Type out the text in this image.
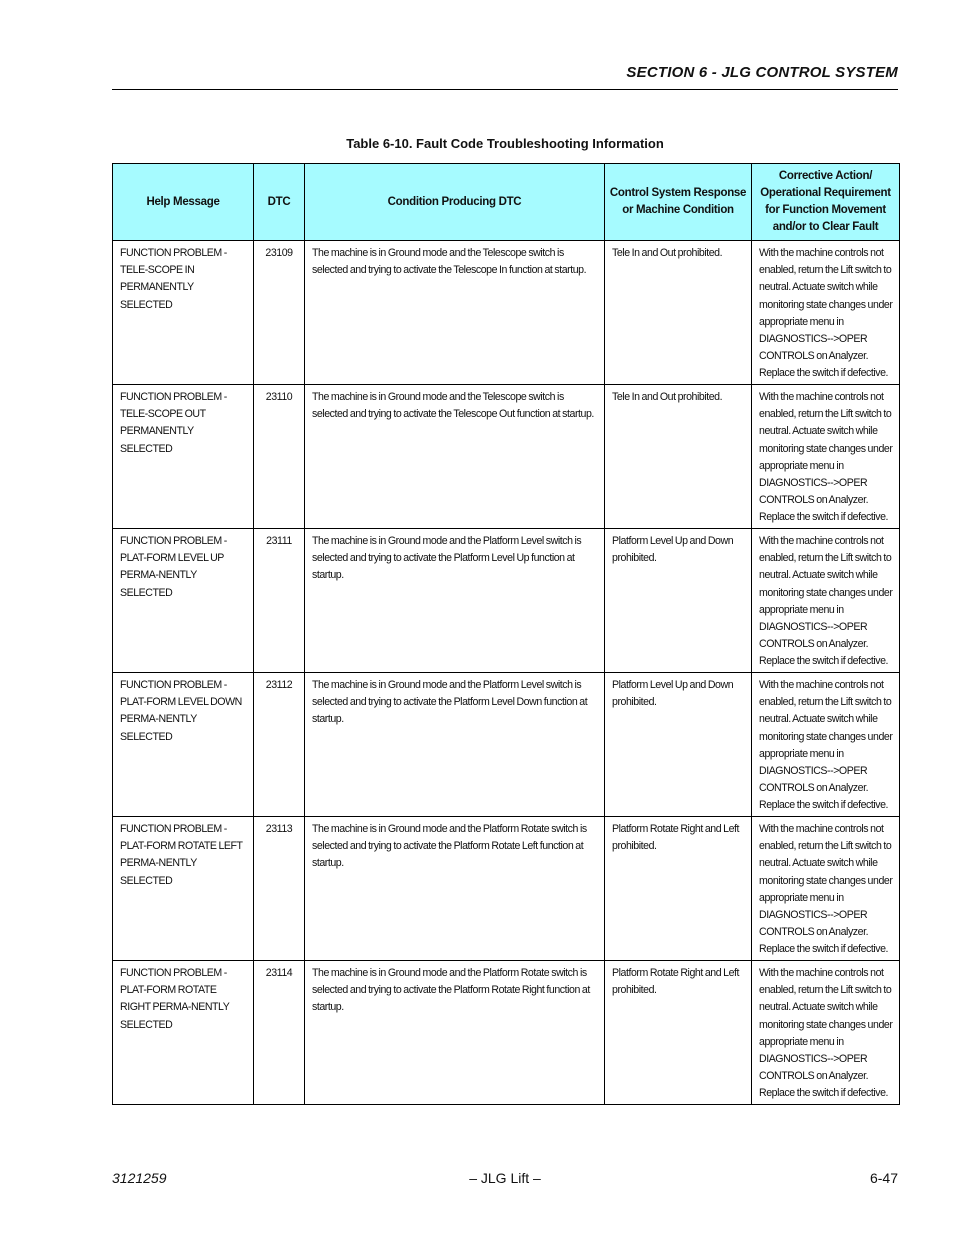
SECTION 6 - JLG CONTROL SYSTEM
Table 6-10. Fault Code Troubleshooting Information
Help Message	DTC	Condition Producing DTC	Control System Response or Machine Condition	Corrective Action/ Operational Requirement for Function Movement and/or to Clear Fault
FUNCTION PROBLEM - TELE-SCOPE IN PERMANENTLY SELECTED	23109	The machine is in Ground mode and the Telescope switch is selected and trying to activate the Telescope In function at startup.	Tele In and Out prohibited.	With the machine controls not enabled, return the Lift switch to neutral. Actuate switch while monitoring state changes under appropriate menu in DIAGNOSTICS-->OPER CONTROLS on Analyzer. Replace the switch if defective.
FUNCTION PROBLEM - TELE-SCOPE OUT PERMANENTLY SELECTED	23110	The machine is in Ground mode and the Telescope switch is selected and trying to activate the Telescope Out function at startup.	Tele In and Out prohibited.	With the machine controls not enabled, return the Lift switch to neutral. Actuate switch while monitoring state changes under appropriate menu in DIAGNOSTICS-->OPER CONTROLS on Analyzer. Replace the switch if defective.
FUNCTION PROBLEM - PLAT-FORM LEVEL UP PERMA-NENTLY SELECTED	23111	The machine is in Ground mode and the Platform Level switch is selected and trying to activate the Platform Level Up function at startup.	Platform Level Up and Down prohibited.	With the machine controls not enabled, return the Lift switch to neutral. Actuate switch while monitoring state changes under appropriate menu in DIAGNOSTICS-->OPER CONTROLS on Analyzer. Replace the switch if defective.
FUNCTION PROBLEM - PLAT-FORM LEVEL DOWN PERMA-NENTLY SELECTED	23112	The machine is in Ground mode and the Platform Level switch is selected and trying to activate the Platform Level Down function at startup.	Platform Level Up and Down prohibited.	With the machine controls not enabled, return the Lift switch to neutral. Actuate switch while monitoring state changes under appropriate menu in DIAGNOSTICS-->OPER CONTROLS on Analyzer. Replace the switch if defective.
FUNCTION PROBLEM - PLAT-FORM ROTATE LEFT PERMA-NENTLY SELECTED	23113	The machine is in Ground mode and the Platform Rotate switch is selected and trying to activate the Platform Rotate Left function at startup.	Platform Rotate Right and Left prohibited.	With the machine controls not enabled, return the Lift switch to neutral. Actuate switch while monitoring state changes under appropriate menu in DIAGNOSTICS-->OPER CONTROLS on Analyzer. Replace the switch if defective.
FUNCTION PROBLEM - PLAT-FORM ROTATE RIGHT PERMA-NENTLY SELECTED	23114	The machine is in Ground mode and the Platform Rotate switch is selected and trying to activate the Platform Rotate Right function at startup.	Platform Rotate Right and Left prohibited.	With the machine controls not enabled, return the Lift switch to neutral. Actuate switch while monitoring state changes under appropriate menu in DIAGNOSTICS-->OPER CONTROLS on Analyzer. Replace the switch if defective.
3121259	– JLG Lift –	6-47
